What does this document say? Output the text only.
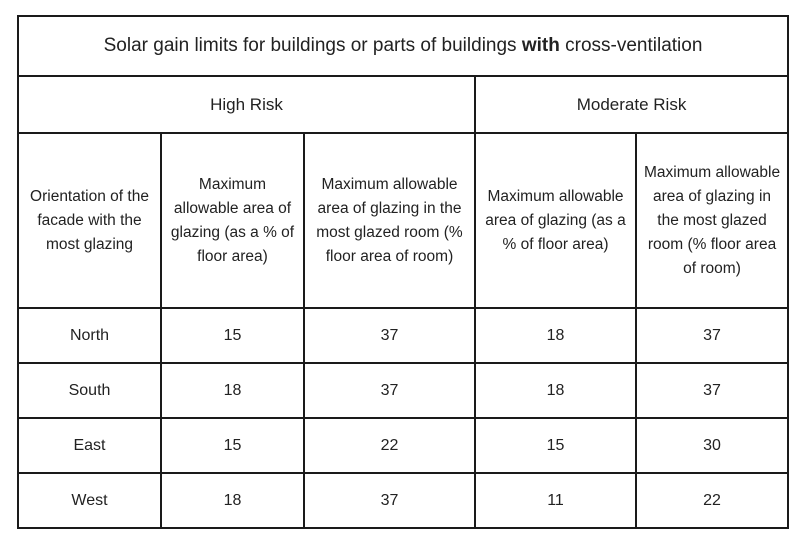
Solar gain limits for buildings or parts of buildings with cross-ventilation				
High Risk			Moderate Risk	
Orientation of the facade with the most glazing	Maximum allowable area of glazing (as a % of floor area)	Maximum allowable area of glazing in the most glazed room (% floor area of room)	Maximum allowable area of glazing (as a % of floor area)	Maximum allowable area of glazing in the most glazed room (% floor area of room)
North	15	37	18	37
South	18	37	18	37
East	15	22	15	30
West	18	37	11	22
